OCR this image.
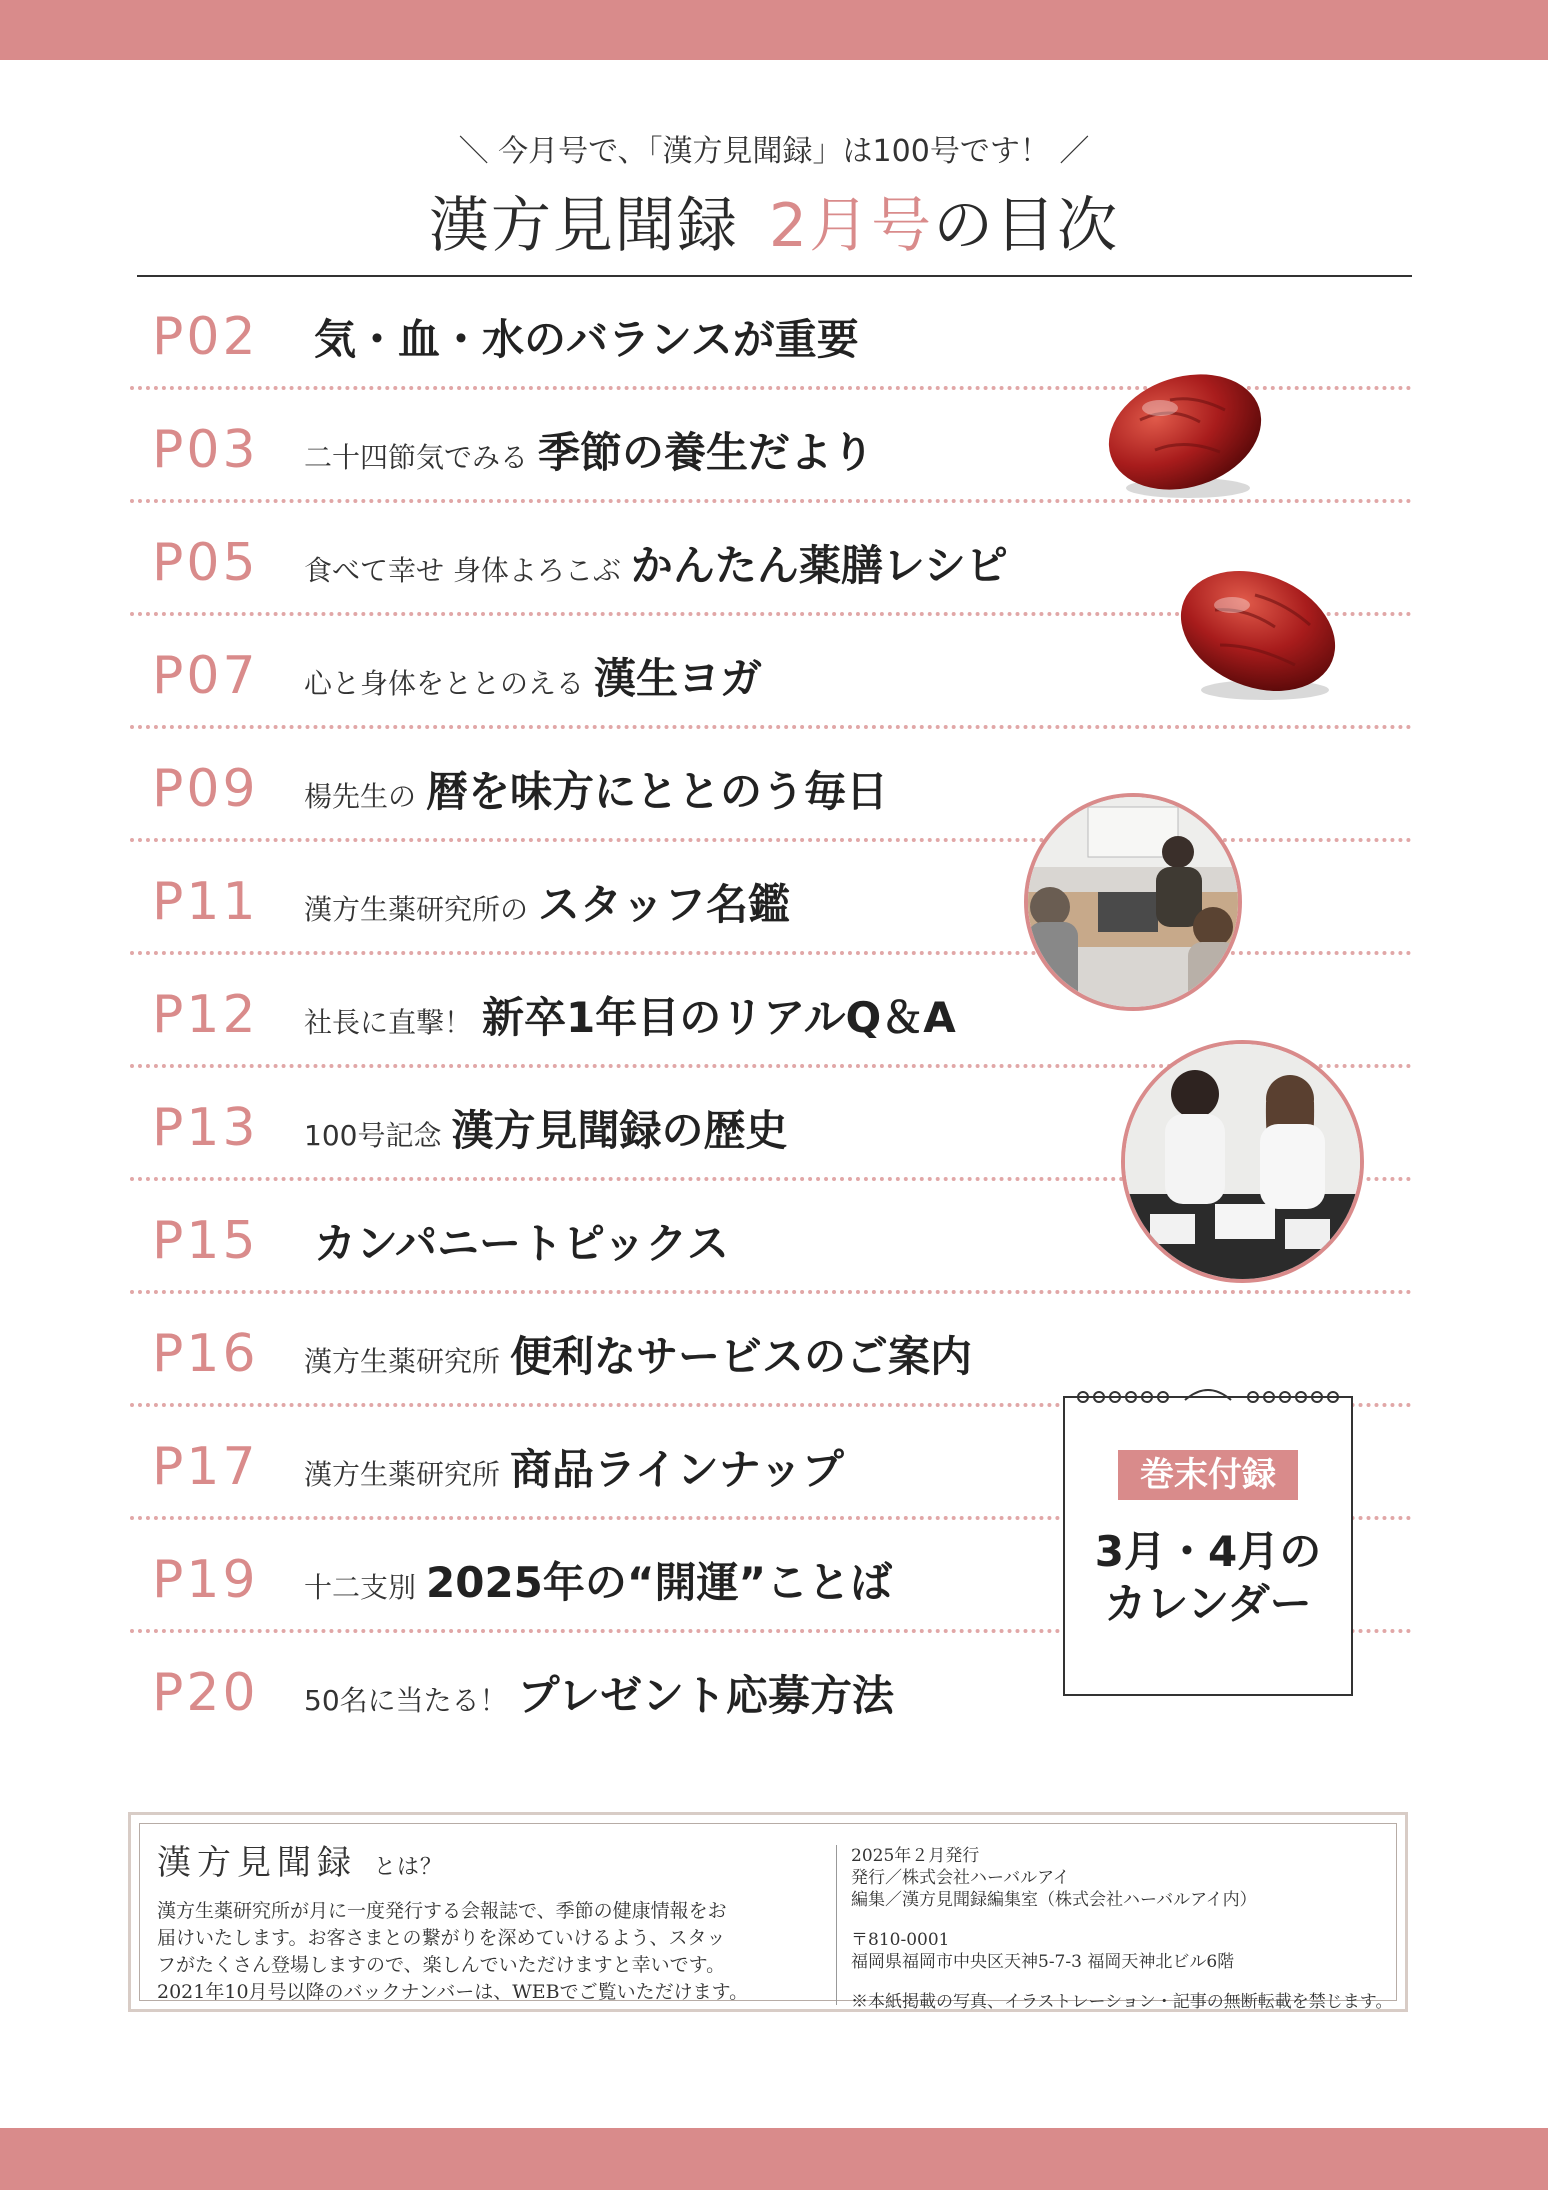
＼ 今月号で、「漢方見聞録」は100号です！ ／
漢方見聞録 2月号の目次
P02 気・血・水のバランスが重要
P03 二十四節気でみる 季節の養生だより
P05 食べて幸せ 身体よろこぶ かんたん薬膳レシピ
P07 心と身体をととのえる 漢生ヨガ
P09 楊先生の 暦を味方にととのう毎日
P11 漢方生薬研究所の スタッフ名鑑
P12 社長に直撃！ 新卒1年目のリアルQ＆A
P13 100号記念 漢方見聞録の歴史
P15 カンパニートピックス
P16 漢方生薬研究所 便利なサービスのご案内
P17 漢方生薬研究所 商品ラインナップ
P19 十二支別 2025年の“開運”ことば
P20 50名に当たる！ プレゼント応募方法
巻末付録
3月・4月の
カレンダー
漢方見聞録 とは？
漢方生薬研究所が月に一度発行する会報誌で、季節の健康情報をお
届けいたします。お客さまとの繋がりを深めていけるよう、スタッ
フがたくさん登場しますので、楽しんでいただけますと幸いです。
2021年10月号以降のバックナンバーは、WEBでご覧いただけます。
2025年２月発行
発行／株式会社ハーバルアイ
編集／漢方見聞録編集室（株式会社ハーバルアイ内）
〒810-0001
福岡県福岡市中央区天神5-7-3 福岡天神北ビル6階
※本紙掲載の写真、イラストレーション・記事の無断転載を禁じます。
